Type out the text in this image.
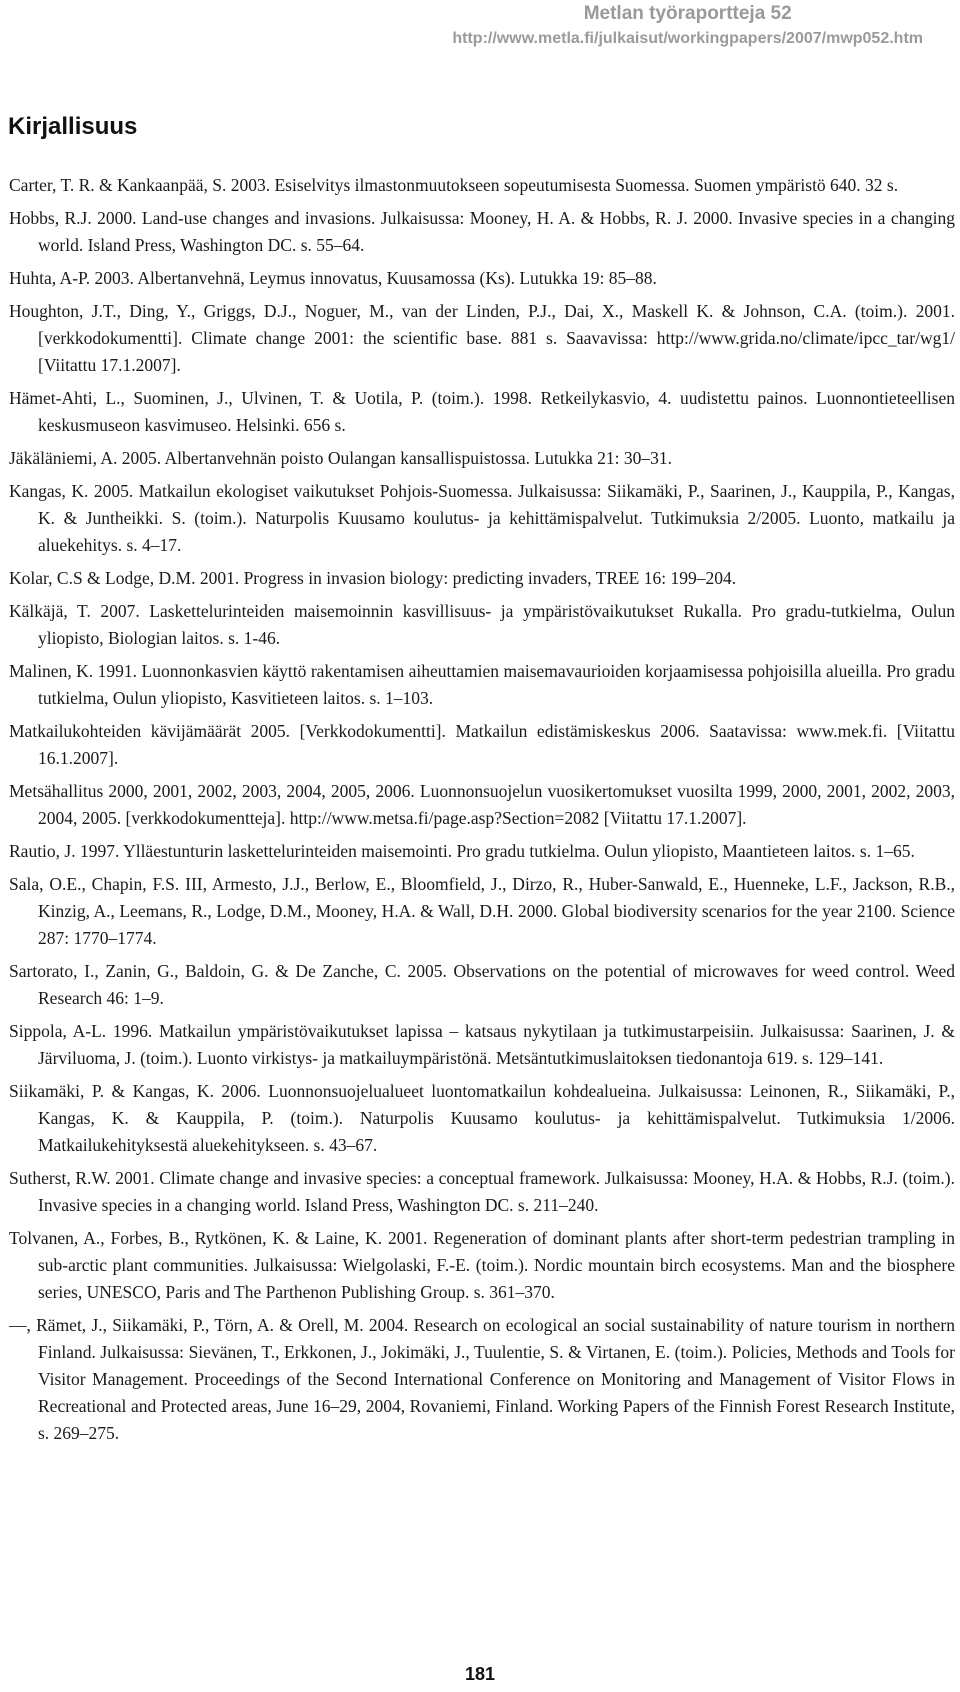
Metlan työraportteja 52
http://www.metla.fi/julkaisut/workingpapers/2007/mwp052.htm
Kirjallisuus
Carter, T. R. & Kankaanpää, S. 2003. Esiselvitys ilmastonmuutokseen sopeutumisesta Suomessa. Suomen ympäristö 640. 32 s.
Hobbs, R.J. 2000. Land-use changes and invasions. Julkaisussa: Mooney, H. A. & Hobbs, R. J. 2000. Invasive species in a changing world. Island Press, Washington DC. s. 55–64.
Huhta, A-P. 2003. Albertanvehnä, Leymus innovatus, Kuusamossa (Ks). Lutukka 19: 85–88.
Houghton, J.T., Ding, Y., Griggs, D.J., Noguer, M., van der Linden, P.J., Dai, X., Maskell K. & Johnson, C.A. (toim.). 2001. [verkkodokumentti]. Climate change 2001: the scientific base. 881 s. Saavavissa: http://www.grida.no/climate/ipcc_tar/wg1/ [Viitattu 17.1.2007].
Hämet-Ahti, L., Suominen, J., Ulvinen, T. & Uotila, P. (toim.). 1998. Retkeilykasvio, 4. uudistettu painos. Luonnontieteellisen keskusmuseon kasvimuseo. Helsinki. 656 s.
Jäkäläniemi, A. 2005. Albertanvehnän poisto Oulangan kansallispuistossa. Lutukka 21: 30–31.
Kangas, K. 2005. Matkailun ekologiset vaikutukset Pohjois-Suomessa. Julkaisussa: Siikamäki, P., Saarinen, J., Kauppila, P., Kangas, K. & Juntheikki. S. (toim.). Naturpolis Kuusamo koulutus- ja kehittämispalvelut. Tutkimuksia 2/2005. Luonto, matkailu ja aluekehitys. s. 4–17.
Kolar, C.S & Lodge, D.M. 2001. Progress in invasion biology: predicting invaders, TREE 16: 199–204.
Kälkäjä, T. 2007. Laskettelurinteiden maisemoinnin kasvillisuus- ja ympäristövaikutukset Rukalla. Pro gradu-tutkielma, Oulun yliopisto, Biologian laitos. s. 1-46.
Malinen, K. 1991. Luonnonkasvien käyttö rakentamisen aiheuttamien maisemavaurioiden korjaamisessa pohjoisilla alueilla. Pro gradu tutkielma, Oulun yliopisto, Kasvitieteen laitos. s. 1–103.
Matkailukohteiden kävijämäärät 2005. [Verkkodokumentti]. Matkailun edistämiskeskus 2006. Saatavissa: www.mek.fi. [Viitattu 16.1.2007].
Metsähallitus 2000, 2001, 2002, 2003, 2004, 2005, 2006. Luonnonsuojelun vuosikertomukset vuosilta 1999, 2000, 2001, 2002, 2003, 2004, 2005. [verkkodokumentteja]. http://www.metsa.fi/page.asp?Section=2082 [Viitattu 17.1.2007].
Rautio, J. 1997. Ylläestunturin laskettelurinteiden maisemointi. Pro gradu tutkielma. Oulun yliopisto, Maantieteen laitos. s. 1–65.
Sala, O.E., Chapin, F.S. III, Armesto, J.J., Berlow, E., Bloomfield, J., Dirzo, R., Huber-Sanwald, E., Huenneke, L.F., Jackson, R.B., Kinzig, A., Leemans, R., Lodge, D.M., Mooney, H.A. & Wall, D.H. 2000. Global biodiversity scenarios for the year 2100. Science 287: 1770–1774.
Sartorato, I., Zanin, G., Baldoin, G. & De Zanche, C. 2005. Observations on the potential of microwaves for weed control. Weed Research 46: 1–9.
Sippola, A-L. 1996. Matkailun ympäristövaikutukset lapissa – katsaus nykytilaan ja tutkimustarpeisiin. Julkaisussa: Saarinen, J. & Järviluoma, J. (toim.). Luonto virkistys- ja matkailuympäristönä. Metsäntutkimuslaitoksen tiedonantoja 619. s. 129–141.
Siikamäki, P. & Kangas, K. 2006. Luonnonsuojelualueet luontomatkailun kohdealueina. Julkaisussa: Leinonen, R., Siikamäki, P., Kangas, K. & Kauppila, P. (toim.). Naturpolis Kuusamo koulutus- ja kehittämispalvelut. Tutkimuksia 1/2006. Matkailukehityksestä aluekehitykseen. s. 43–67.
Sutherst, R.W. 2001. Climate change and invasive species: a conceptual framework. Julkaisussa: Mooney, H.A. & Hobbs, R.J. (toim.). Invasive species in a changing world. Island Press, Washington DC. s. 211–240.
Tolvanen, A., Forbes, B., Rytkönen, K. & Laine, K. 2001. Regeneration of dominant plants after short-term pedestrian trampling in sub-arctic plant communities. Julkaisussa: Wielgolaski, F.-E. (toim.). Nordic mountain birch ecosystems. Man and the biosphere series, UNESCO, Paris and The Parthenon Publishing Group. s. 361–370.
—, Rämet, J., Siikamäki, P., Törn, A. & Orell, M. 2004. Research on ecological an social sustainability of nature tourism in northern Finland. Julkaisussa: Sievänen, T., Erkkonen, J., Jokimäki, J., Tuulentie, S. & Virtanen, E. (toim.). Policies, Methods and Tools for Visitor Management. Proceedings of the Second International Conference on Monitoring and Management of Visitor Flows in Recreational and Protected areas, June 16–29, 2004, Rovaniemi, Finland. Working Papers of the Finnish Forest Research Institute, s. 269–275.
181
